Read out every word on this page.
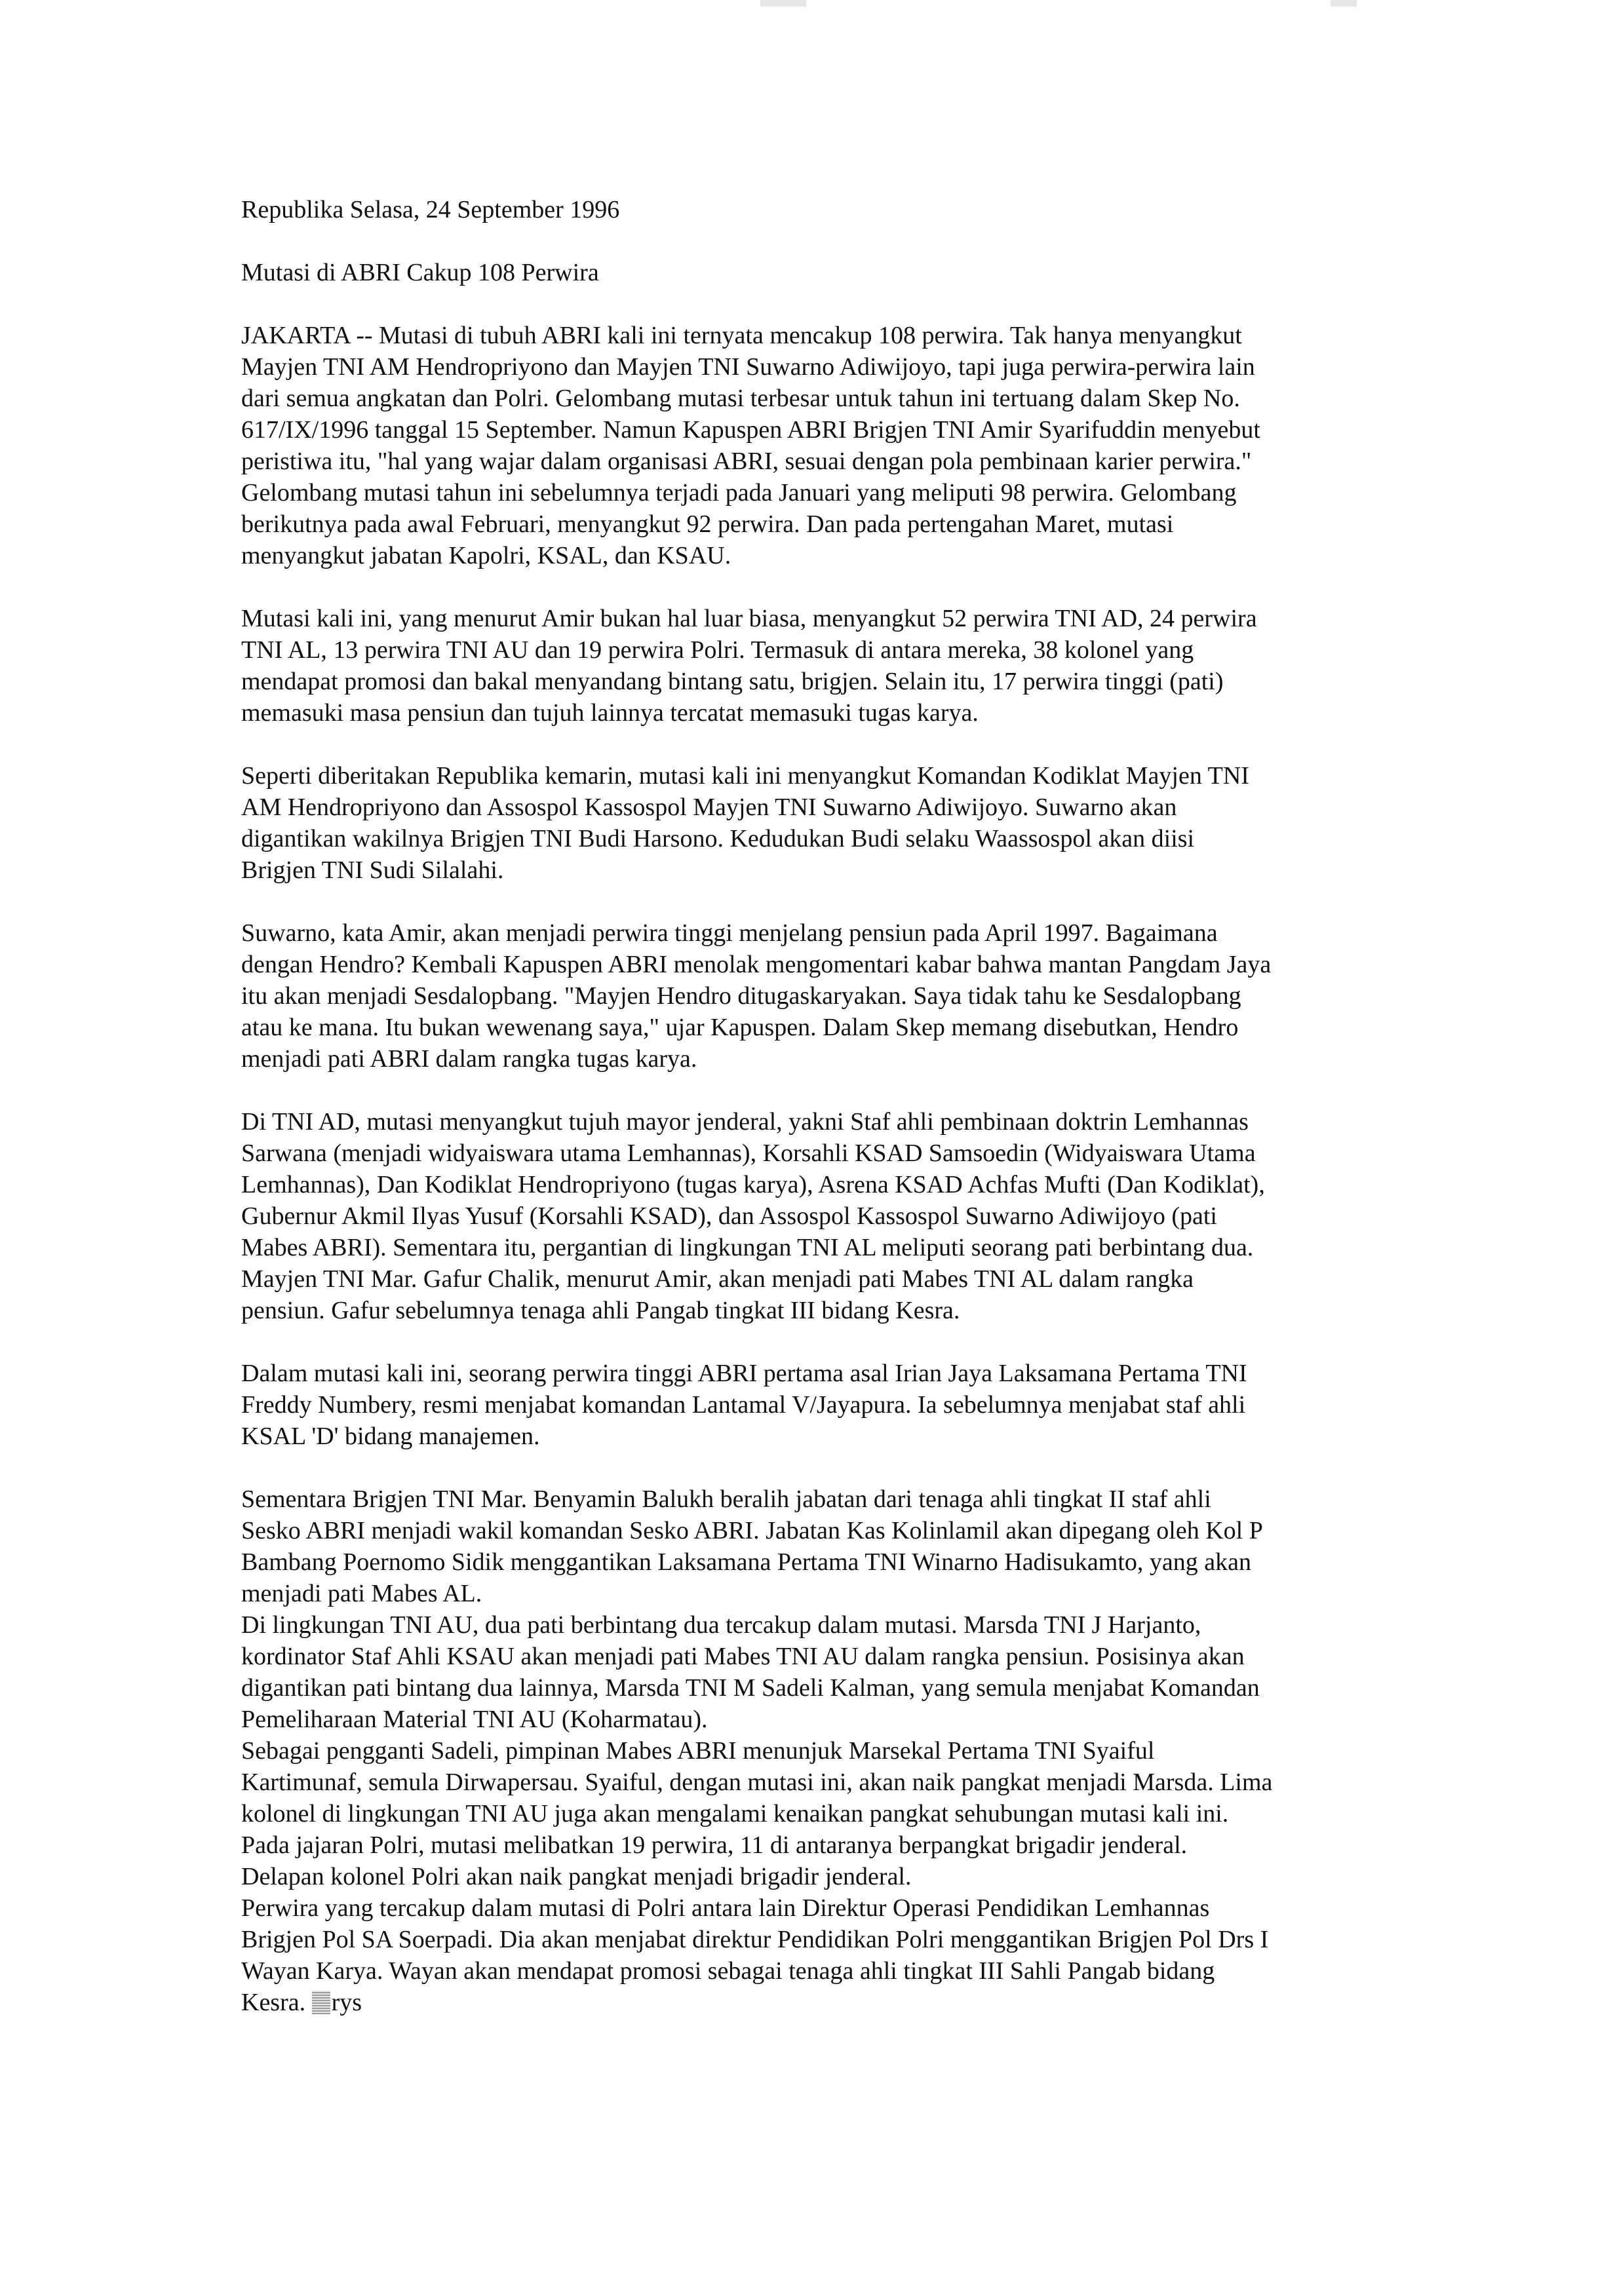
Republika Selasa, 24 September 1996
Mutasi di ABRI Cakup 108 Perwira
JAKARTA -- Mutasi di tubuh ABRI kali ini ternyata mencakup 108 perwira. Tak hanya menyangkut
Mayjen TNI AM Hendropriyono dan Mayjen TNI Suwarno Adiwijoyo, tapi juga perwira-perwira lain
dari semua angkatan dan Polri. Gelombang mutasi terbesar untuk tahun ini tertuang dalam Skep No.
617/IX/1996 tanggal 15 September. Namun Kapuspen ABRI Brigjen TNI Amir Syarifuddin menyebut
peristiwa itu, "hal yang wajar dalam organisasi ABRI, sesuai dengan pola pembinaan karier perwira."
Gelombang mutasi tahun ini sebelumnya terjadi pada Januari yang meliputi 98 perwira. Gelombang
berikutnya pada awal Februari, menyangkut 92 perwira. Dan pada pertengahan Maret, mutasi
menyangkut jabatan Kapolri, KSAL, dan KSAU.
Mutasi kali ini, yang menurut Amir bukan hal luar biasa, menyangkut 52 perwira TNI AD, 24 perwira
TNI AL, 13 perwira TNI AU dan 19 perwira Polri. Termasuk di antara mereka, 38 kolonel yang
mendapat promosi dan bakal menyandang bintang satu, brigjen. Selain itu, 17 perwira tinggi (pati)
memasuki masa pensiun dan tujuh lainnya tercatat memasuki tugas karya.
Seperti diberitakan Republika kemarin, mutasi kali ini menyangkut Komandan Kodiklat Mayjen TNI
AM Hendropriyono dan Assospol Kassospol Mayjen TNI Suwarno Adiwijoyo. Suwarno akan
digantikan wakilnya Brigjen TNI Budi Harsono. Kedudukan Budi selaku Waassospol akan diisi
Brigjen TNI Sudi Silalahi.
Suwarno, kata Amir, akan menjadi perwira tinggi menjelang pensiun pada April 1997. Bagaimana
dengan Hendro? Kembali Kapuspen ABRI menolak mengomentari kabar bahwa mantan Pangdam Jaya
itu akan menjadi Sesdalopbang. "Mayjen Hendro ditugaskaryakan. Saya tidak tahu ke Sesdalopbang
atau ke mana. Itu bukan wewenang saya," ujar Kapuspen. Dalam Skep memang disebutkan, Hendro
menjadi pati ABRI dalam rangka tugas karya.
Di TNI AD, mutasi menyangkut tujuh mayor jenderal, yakni Staf ahli pembinaan doktrin Lemhannas
Sarwana (menjadi widyaiswara utama Lemhannas), Korsahli KSAD Samsoedin (Widyaiswara Utama
Lemhannas), Dan Kodiklat Hendropriyono (tugas karya), Asrena KSAD Achfas Mufti (Dan Kodiklat),
Gubernur Akmil Ilyas Yusuf (Korsahli KSAD), dan Assospol Kassospol Suwarno Adiwijoyo (pati
Mabes ABRI). Sementara itu, pergantian di lingkungan TNI AL meliputi seorang pati berbintang dua.
Mayjen TNI Mar. Gafur Chalik, menurut Amir, akan menjadi pati Mabes TNI AL dalam rangka
pensiun. Gafur sebelumnya tenaga ahli Pangab tingkat III bidang Kesra.
Dalam mutasi kali ini, seorang perwira tinggi ABRI pertama asal Irian Jaya Laksamana Pertama TNI
Freddy Numbery, resmi menjabat komandan Lantamal V/Jayapura. Ia sebelumnya menjabat staf ahli
KSAL 'D' bidang manajemen.
Sementara Brigjen TNI Mar. Benyamin Balukh beralih jabatan dari tenaga ahli tingkat II staf ahli
Sesko ABRI menjadi wakil komandan Sesko ABRI. Jabatan Kas Kolinlamil akan dipegang oleh Kol P
Bambang Poernomo Sidik menggantikan Laksamana Pertama TNI Winarno Hadisukamto, yang akan
menjadi pati Mabes AL.
Di lingkungan TNI AU, dua pati berbintang dua tercakup dalam mutasi. Marsda TNI J Harjanto,
kordinator Staf Ahli KSAU akan menjadi pati Mabes TNI AU dalam rangka pensiun. Posisinya akan
digantikan pati bintang dua lainnya, Marsda TNI M Sadeli Kalman, yang semula menjabat Komandan
Pemeliharaan Material TNI AU (Koharmatau).
Sebagai pengganti Sadeli, pimpinan Mabes ABRI menunjuk Marsekal Pertama TNI Syaiful
Kartimunaf, semula Dirwapersau. Syaiful, dengan mutasi ini, akan naik pangkat menjadi Marsda. Lima
kolonel di lingkungan TNI AU juga akan mengalami kenaikan pangkat sehubungan mutasi kali ini.
Pada jajaran Polri, mutasi melibatkan 19 perwira, 11 di antaranya berpangkat brigadir jenderal.
Delapan kolonel Polri akan naik pangkat menjadi brigadir jenderal.
Perwira yang tercakup dalam mutasi di Polri antara lain Direktur Operasi Pendidikan Lemhannas
Brigjen Pol SA Soerpadi. Dia akan menjabat direktur Pendidikan Polri menggantikan Brigjen Pol Drs I
Wayan Karya. Wayan akan mendapat promosi sebagai tenaga ahli tingkat III Sahli Pangab bidang
Kesra. rys
